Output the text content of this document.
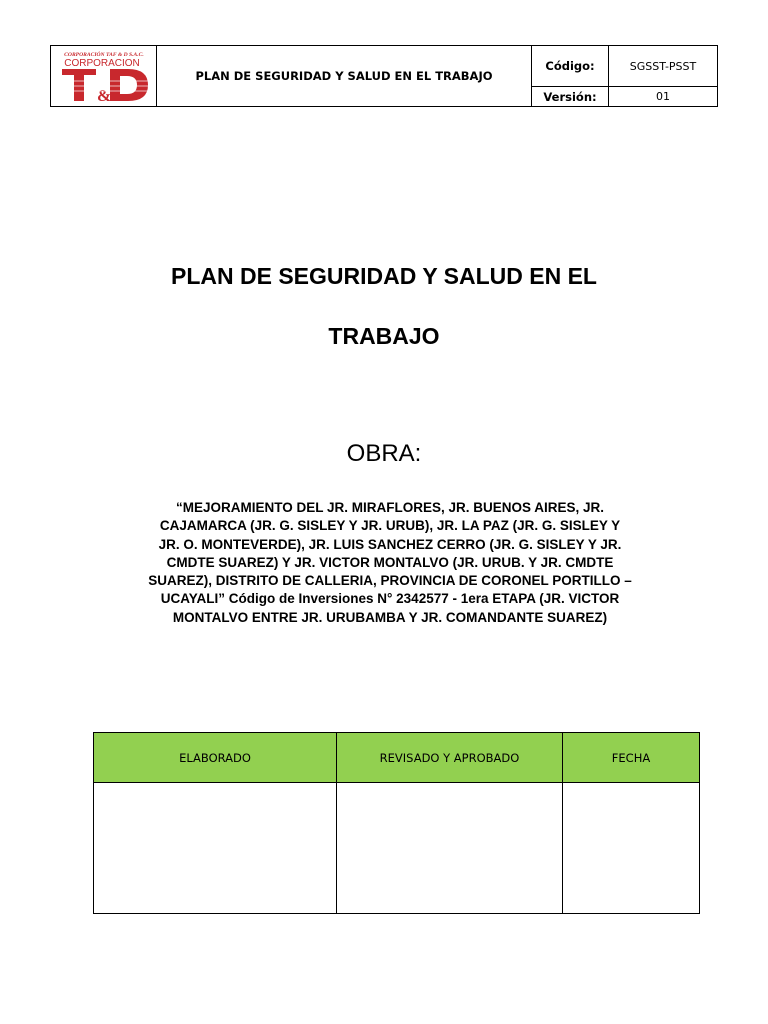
CORPORACIÓN TAF & D S.A.C.
CORPORACION
&	PLAN DE SEGURIDAD Y SALUD EN EL TRABAJO	Código:	SGSST-PSST
		Versión:	01
PLAN DE SEGURIDAD Y SALUD EN EL
TRABAJO

OBRA:

“MEJORAMIENTO DEL JR. MIRAFLORES, JR. BUENOS AIRES, JR. CAJAMARCA (JR. G. SISLEY Y JR. URUB), JR. LA PAZ (JR. G. SISLEY Y JR. O. MONTEVERDE), JR. LUIS SANCHEZ CERRO (JR. G. SISLEY Y JR. CMDTE SUAREZ) Y JR. VICTOR MONTALVO (JR. URUB. Y JR. CMDTE SUAREZ), DISTRITO DE CALLERIA, PROVINCIA DE CORONEL PORTILLO – UCAYALI” Código de Inversiones N° 2342577 - 1era ETAPA (JR. VICTOR MONTALVO ENTRE JR. URUBAMBA Y JR. COMANDANTE SUAREZ)

ELABORADO	REVISADO Y APROBADO	FECHA
